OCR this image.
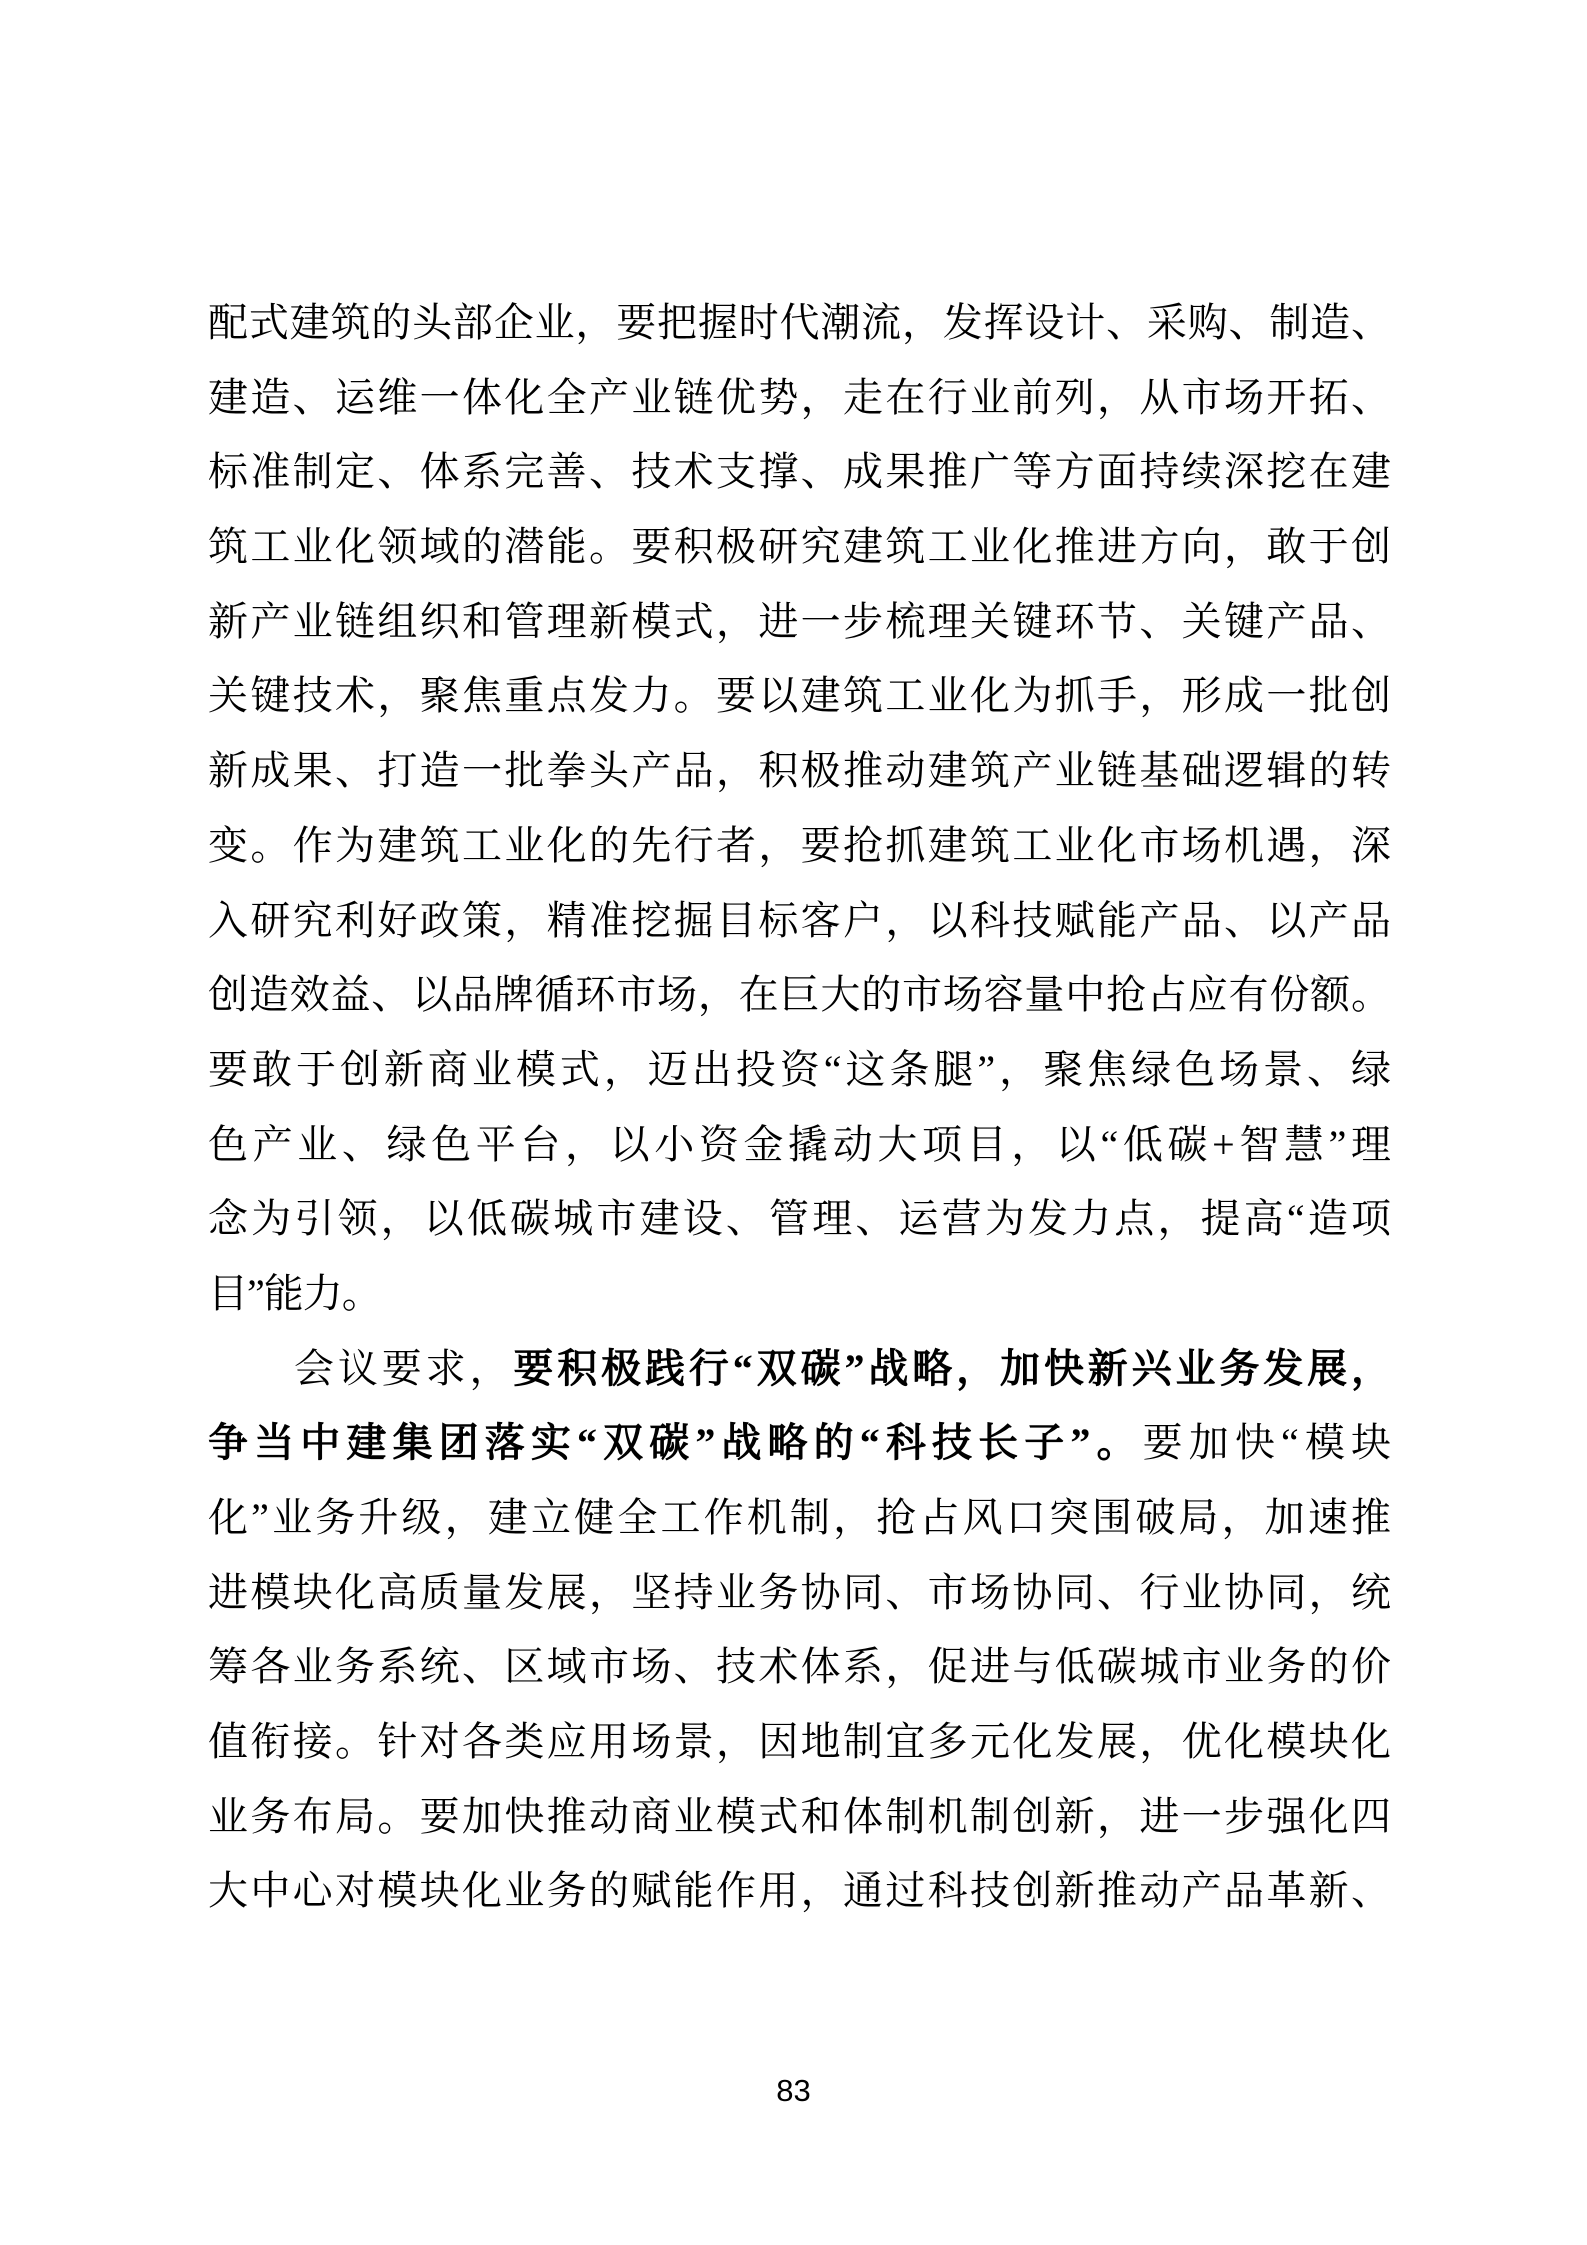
配式建筑的头部企业，要把握时代潮流，发挥设计、采购、制造、
建造、运维一体化全产业链优势，走在行业前列，从市场开拓、
标准制定、体系完善、技术支撑、成果推广等方面持续深挖在建
筑工业化领域的潜能。要积极研究建筑工业化推进方向，敢于创
新产业链组织和管理新模式，进一步梳理关键环节、关键产品、
关键技术，聚焦重点发力。要以建筑工业化为抓手，形成一批创
新成果、打造一批拳头产品，积极推动建筑产业链基础逻辑的转
变。作为建筑工业化的先行者，要抢抓建筑工业化市场机遇，深
入研究利好政策，精准挖掘目标客户，以科技赋能产品、以产品
创造效益、以品牌循环市场，在巨大的市场容量中抢占应有份额。
要敢于创新商业模式，迈出投资“这条腿”，聚焦绿色场景、绿
色产业、绿色平台，以小资金撬动大项目，以“低碳+智慧”理
念为引领，以低碳城市建设、管理、运营为发力点，提高“造项
目”能力。
会议要求，要积极践行“双碳”战略，加快新兴业务发展，
争当中建集团落实“双碳”战略的“科技长子”。要加快“模块
化”业务升级，建立健全工作机制，抢占风口突围破局，加速推
进模块化高质量发展，坚持业务协同、市场协同、行业协同，统
筹各业务系统、区域市场、技术体系，促进与低碳城市业务的价
值衔接。针对各类应用场景，因地制宜多元化发展，优化模块化
业务布局。要加快推动商业模式和体制机制创新，进一步强化四
大中心对模块化业务的赋能作用，通过科技创新推动产品革新、
83
